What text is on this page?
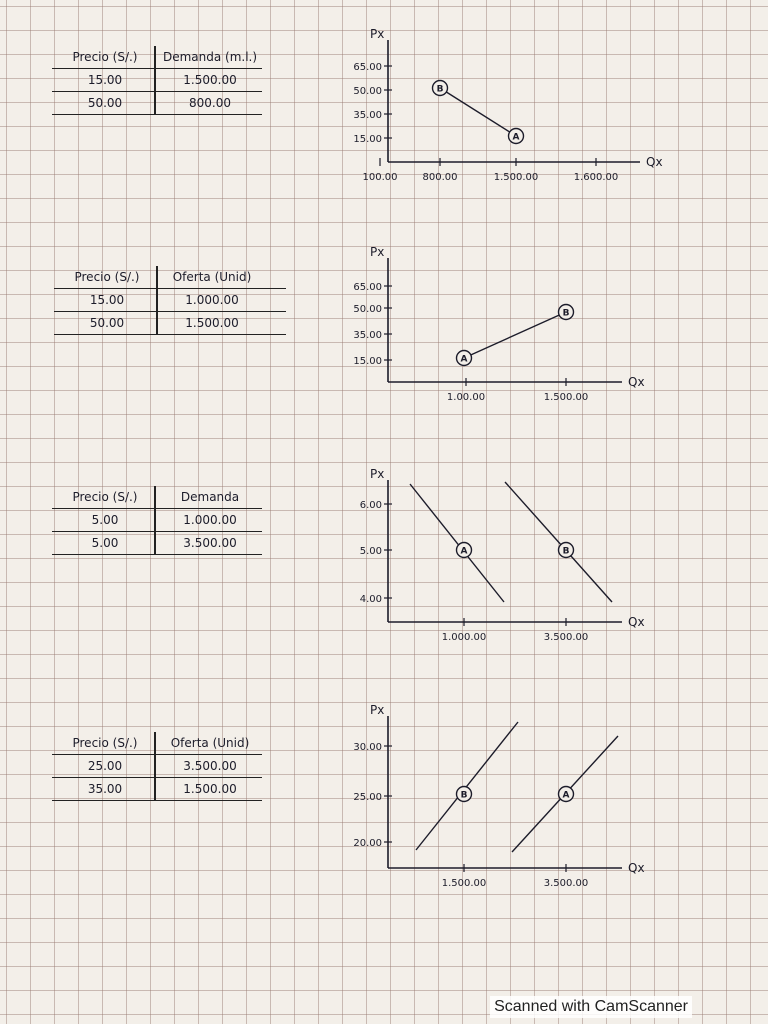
Precio (S/.)	Demanda (m.l.)
15.00	1.500.00
50.00	800.00
Precio (S/.)	Oferta (Unid)
15.00	1.000.00
50.00	1.500.00
Precio (S/.)	Demanda
5.00	1.000.00
5.00	3.500.00
Precio (S/.)	Oferta (Unid)
25.00	3.500.00
35.00	1.500.00
Px
Qx
65.00
50.00
35.00
15.00
100.00	800.00	1.500.00	1.600.00
B
A
Px
Qx
65.00
50.00
35.00
15.00
1.00.00	1.500.00
A
B
Px
Qx
6.00
5.00
4.00
1.000.00	3.500.00
A	B
Px
Qx
30.00
25.00
20.00
1.500.00	3.500.00
B	A
Scanned with CamScanner
